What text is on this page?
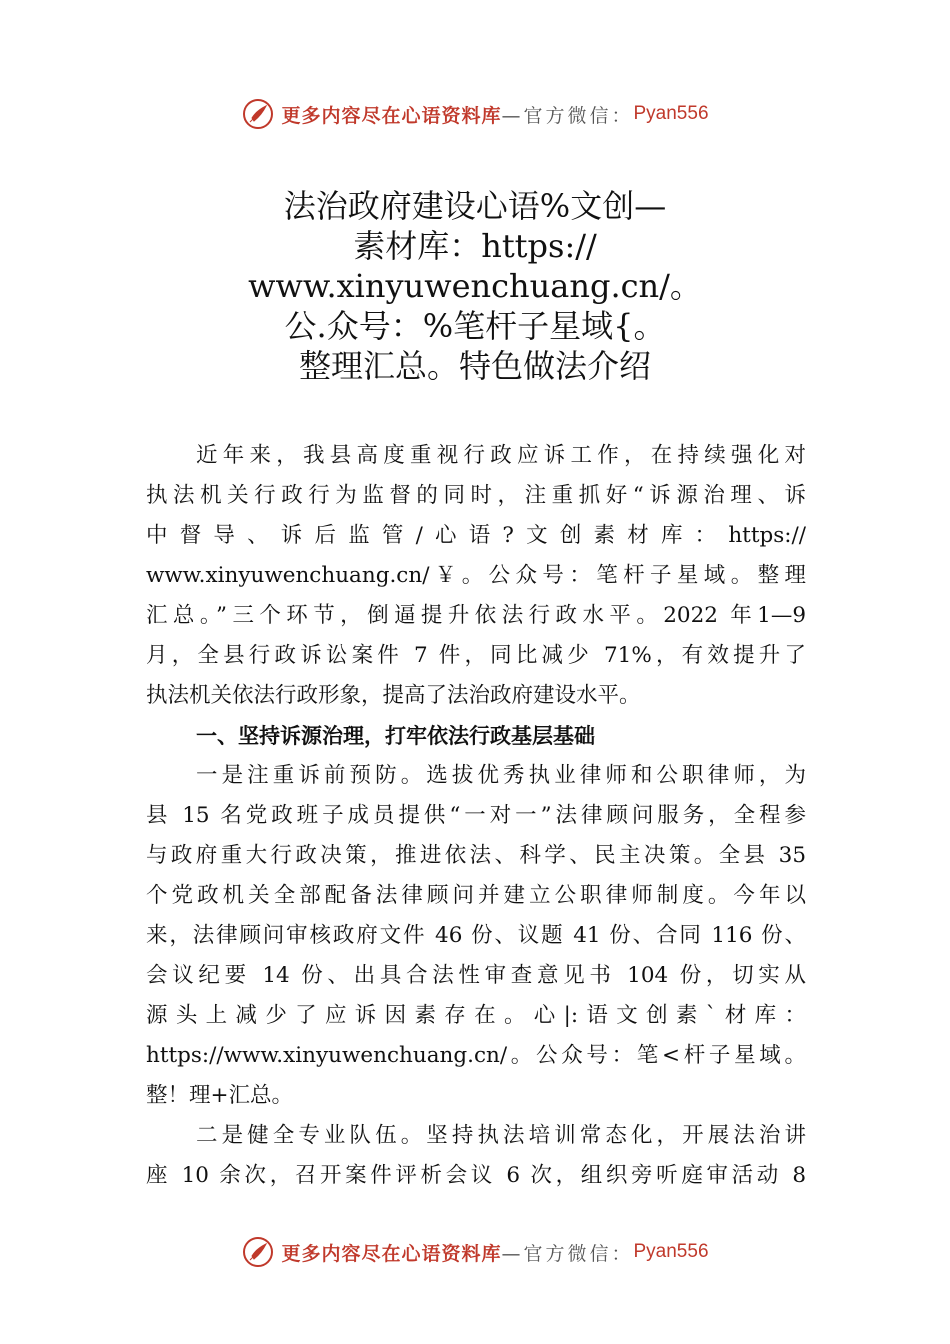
更多内容尽在心语资料库 —官方微信： Pyan556
法治政府建设心语%文创—
素材库：https://
www.xinyuwenchuang.cn/。
公.众号：%笔杆子星域{。
整理汇总。特色做法介绍
近年来，我县高度重视行政应诉工作，在持续强化对
执法机关行政行为监督的同时，注重抓好“诉源治理、诉
中督导、诉后监管/心语?文创素材库：https://
www.xinyuwenchuang.cn/￥。公众号：笔杆子星域。整理
汇总。”三个环节，倒逼提升依法行政水平。2022 年1—9
月，全县行政诉讼案件 7 件，同比减少 71%，有效提升了
执法机关依法行政形象，提高了法治政府建设水平。
一、坚持诉源治理，打牢依法行政基层基础
一是注重诉前预防。选拔优秀执业律师和公职律师，为
县 15 名党政班子成员提供“一对一”法律顾问服务，全程参
与政府重大行政决策，推进依法、科学、民主决策。全县 35
个党政机关全部配备法律顾问并建立公职律师制度。今年以
来，法律顾问审核政府文件 46 份、议题 41 份、合同 116 份、
会议纪要 14 份、出具合法性审查意见书 104 份，切实从
源头上减少了应诉因素存在。心|:语文创素`材库：
https://www.xinyuwenchuang.cn/。公众号：笔<杆子星域。
整！理+汇总。
二是健全专业队伍。坚持执法培训常态化，开展法治讲
座 10 余次，召开案件评析会议 6 次，组织旁听庭审活动 8
更多内容尽在心语资料库 —官方微信： Pyan556
